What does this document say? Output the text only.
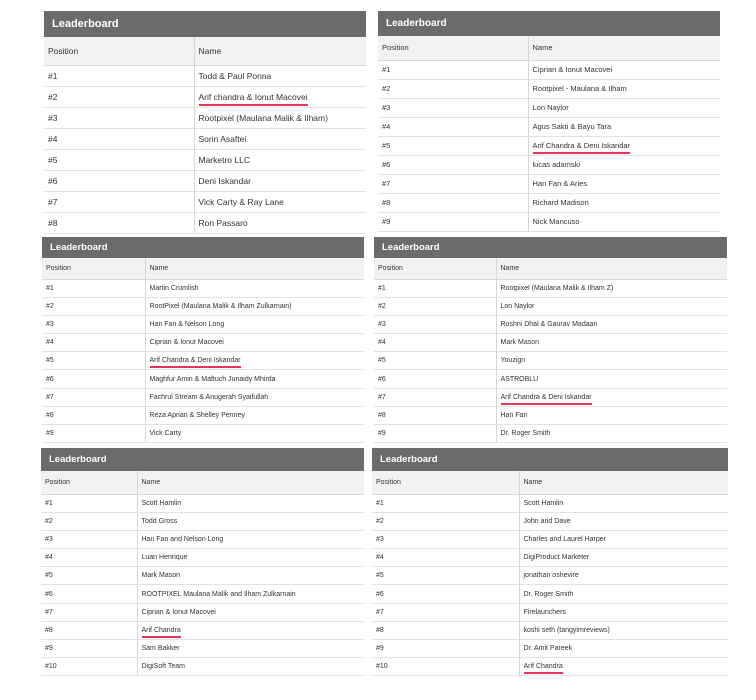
Leaderboard
Position	Name
#1	Todd & Paul Ponna
#2	Arif chandra & Ionut Macovei
#3	Rootpixel (Maulana Malik & Ilham)
#4	Sorin Asaftei
#5	Marketro LLC
#6	Deni Iskandar
#7	Vick Carty & Ray Lane
#8	Ron Passaro
Leaderboard
Position	Name
#1	Ciprian & Ionut Macovei
#2	Rootpixel - Maulana & Ilham
#3	Lon Naylor
#4	Agus Sakti & Bayu Tara
#5	Arif Chandra & Deni Iskandar
#6	lucas adamski
#7	Han Fan & Aries
#8	Richard Madison
#9	Nick Mancuso
Leaderboard
Position	Name
#1	Martin Crumlish
#2	RootPixel (Maulana Malik & Ilham Zulkarnain)
#3	Han Fan & Nelson Long
#4	Ciprian & Ionut Macovei
#5	Arif Chandra & Deni Iskandar
#6	Maghfur Amin & Maftuch Junaidy Mhirda
#7	Fachrul Stream & Anugerah Syaifullah
#8	Reza Aprian & Shelley Penney
#9	Vick Carty
Leaderboard
Position	Name
#1	Rootpixel (Maulana Malik & Ilham Z)
#2	Lon Naylor
#3	Roshni Dhal & Gaurav Madaan
#4	Mark Mason
#5	Youzign
#6	ASTROBLU
#7	Arif Chandra & Deni Iskandar
#8	Han Fan
#9	Dr. Roger Smith
Leaderboard
Position	Name
#1	Scott Hamlin
#2	Todd Gross
#3	Han Fan and Nelson Long
#4	Luan Henrique
#5	Mark Mason
#6	ROOTPIXEL Maulana Malik and Ilham Zulkarnain
#7	Ciprian & Ionut Macovei
#8	Arif Chandra
#9	Sam Bakker
#10	DigiSoft Team
Leaderboard
Position	Name
#1	Scott Hamlin
#2	John and Dave
#3	Charles and Laurel Harper
#4	DigiProduct Marketer
#5	jonathan oshevire
#6	Dr. Roger Smith
#7	Firelaunchers
#8	koshi seth (tangyimreviews)
#9	Dr. Amit Pareek
#10	Arif Chandra
